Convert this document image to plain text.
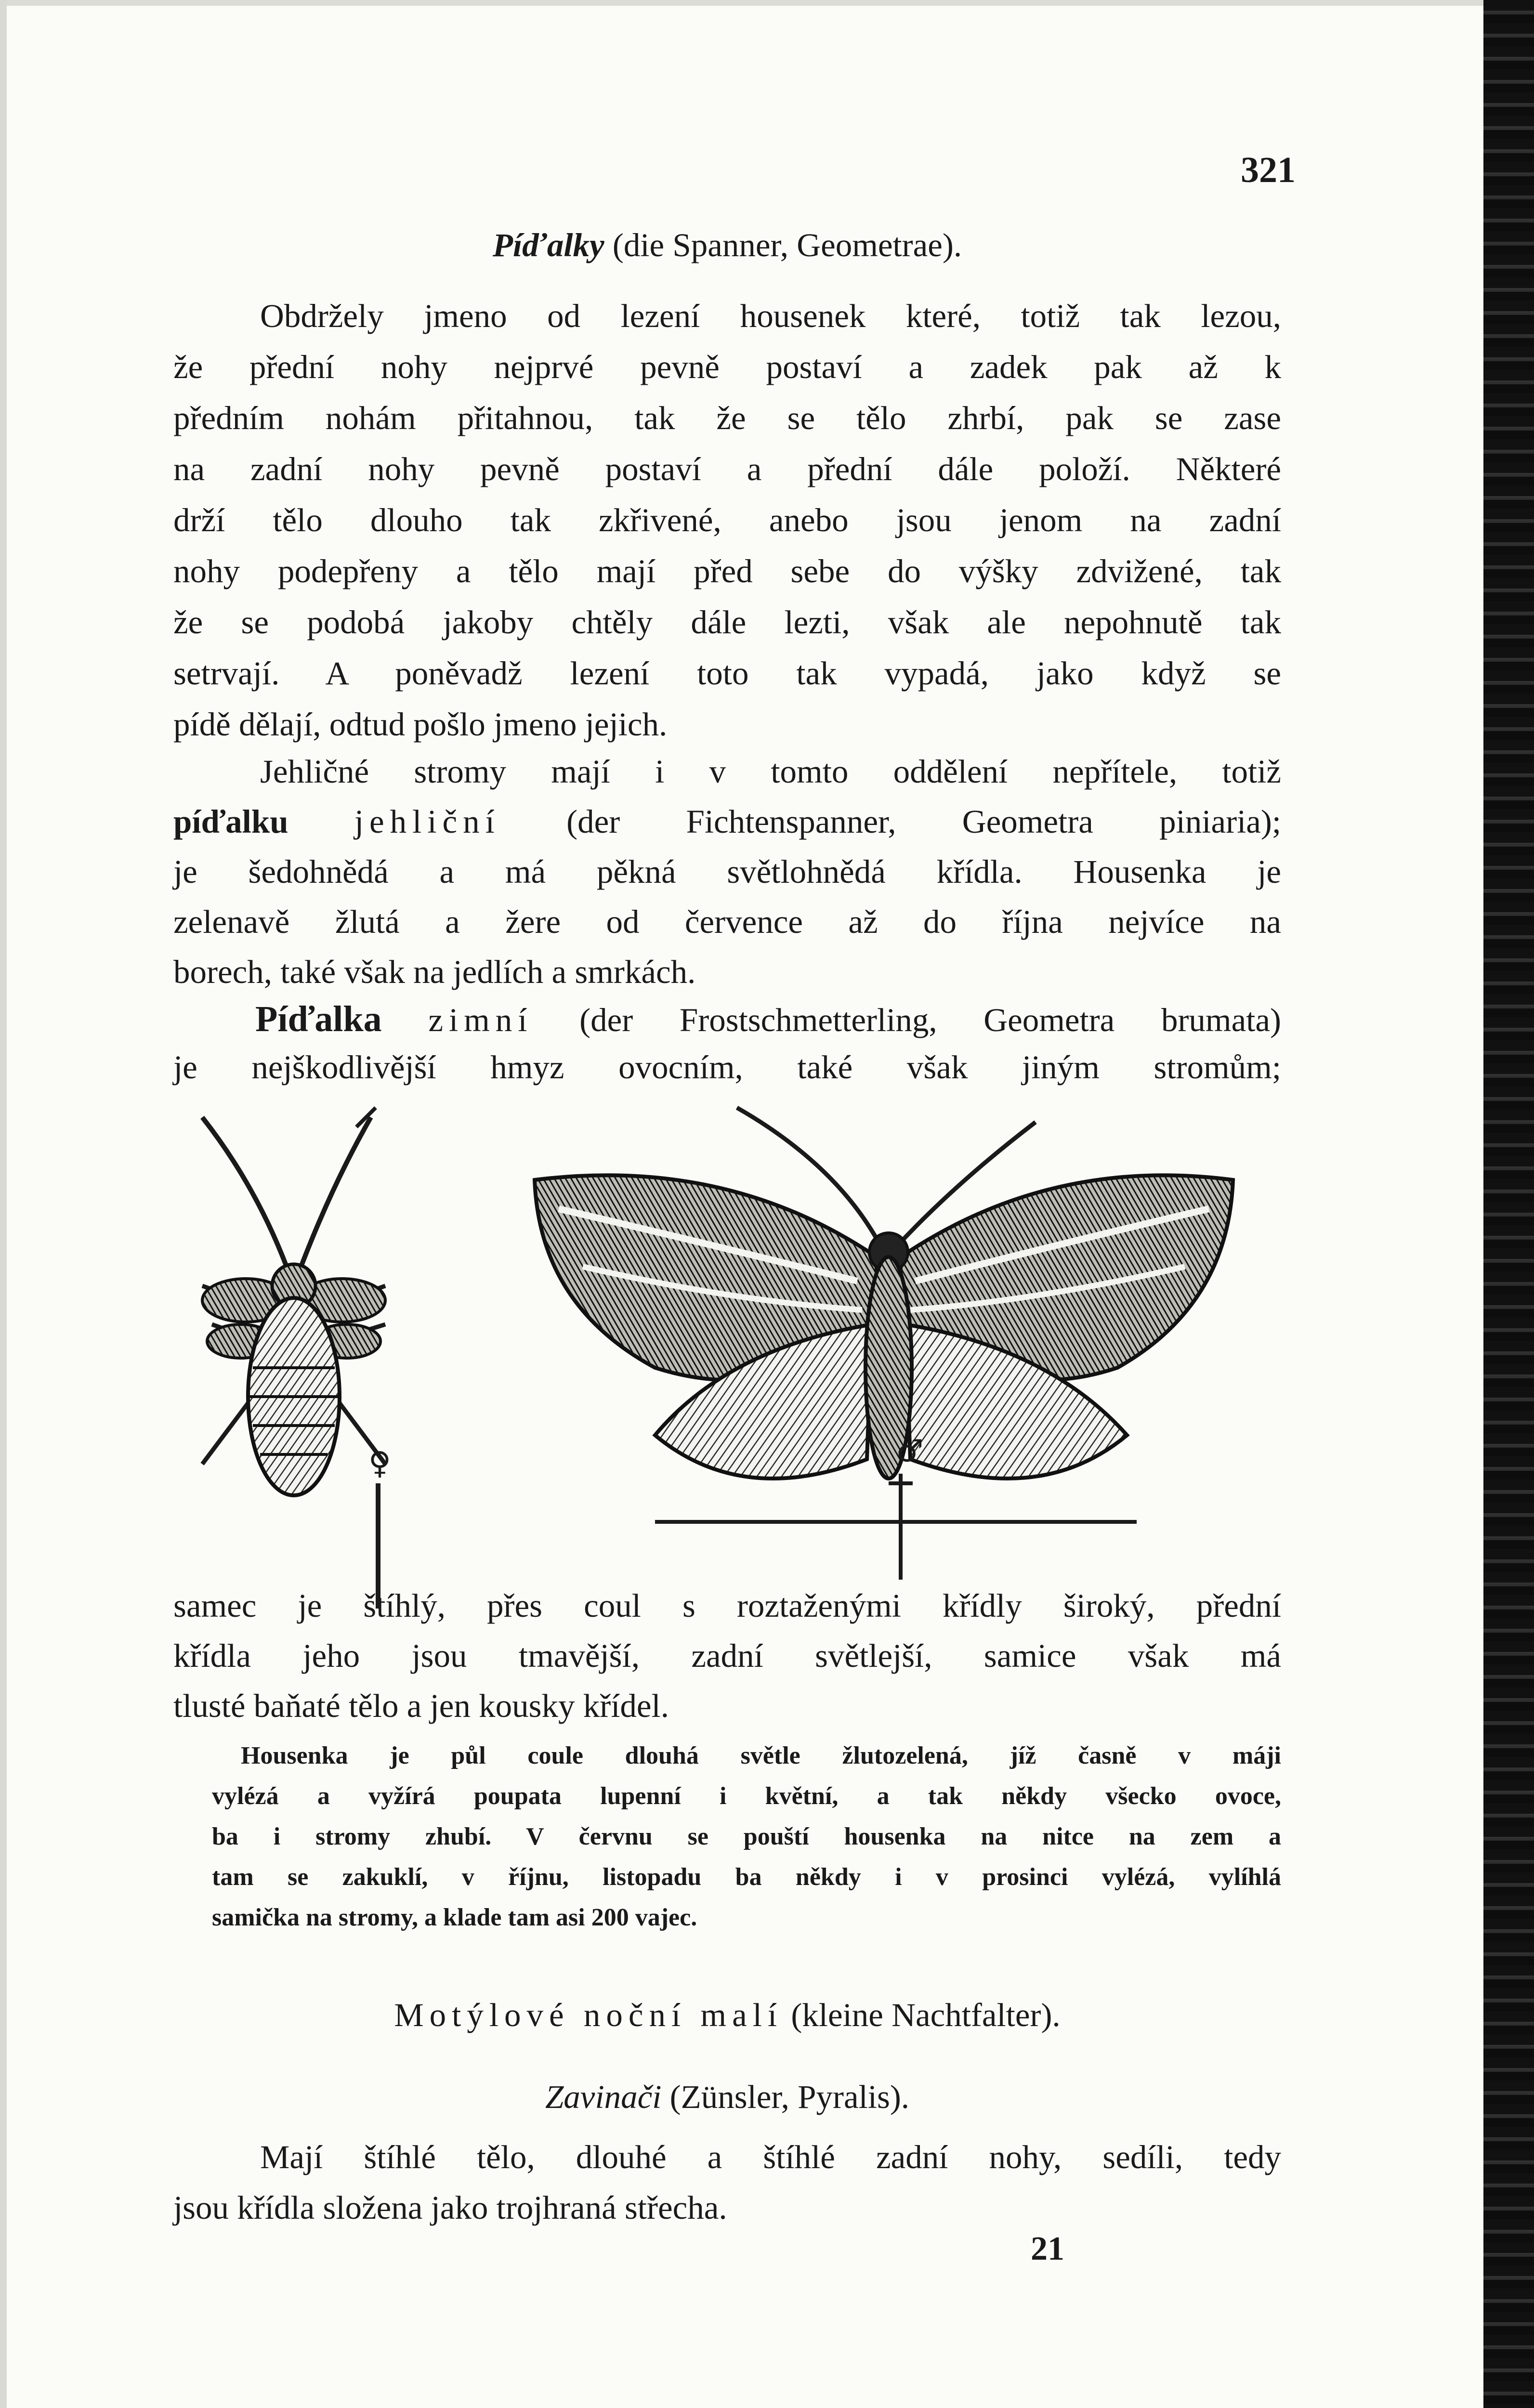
321
Píďalky (die Spanner, Geometrae).
Obdržely jmeno od lezení housenek které, totiž tak lezou,
že přední nohy nejprvé pevně postaví a zadek pak až k
předním nohám přitahnou, tak že se tělo zhrbí, pak se zase
na zadní nohy pevně postaví a přední dále položí. Některé
drží tělo dlouho tak zkřivené, anebo jsou jenom na zadní
nohy podepřeny a tělo mají před sebe do výšky zdvižené, tak
že se podobá jakoby chtěly dále lezti, však ale nepohnutě tak
setrvají. A poněvadž lezení toto tak vypadá, jako když se
pídě dělají, odtud pošlo jmeno jejich.
Jehličné stromy mají i v tomto oddělení nepřítele, totiž
píďalku jehliční (der Fichtenspanner, Geometra piniaria);
je šedohnědá a má pěkná světlohnědá křídla. Housenka je
zelenavě žlutá a žere od července až do října nejvíce na
borech, také však na jedlích a smrkách.
Píďalka zimní (der Frostschmetterling, Geometra brumata)
je nejškodlivější hmyz ovocním, také však jiným stromům;
♀	♂
samec je štíhlý, přes coul s roztaženými křídly široký, přední
křídla jeho jsou tmavější, zadní světlejší, samice však má
tlusté baňaté tělo a jen kousky křídel.
Housenka je půl coule dlouhá světle žlutozelená, jíž časně v máji
vylézá a vyžírá poupata lupenní i květní, a tak někdy všecko ovoce,
ba i stromy zhubí. V červnu se pouští housenka na nitce na zem a
tam se zakuklí, v říjnu, listopadu ba někdy i v prosinci vylézá, vylíhlá
samička na stromy, a klade tam asi 200 vajec.
Motýlové noční malí (kleine Nachtfalter).
Zavinači (Zünsler, Pyralis).
Mají štíhlé tělo, dlouhé a štíhlé zadní nohy, sedíli, tedy
jsou křídla složena jako trojhraná střecha.
21
